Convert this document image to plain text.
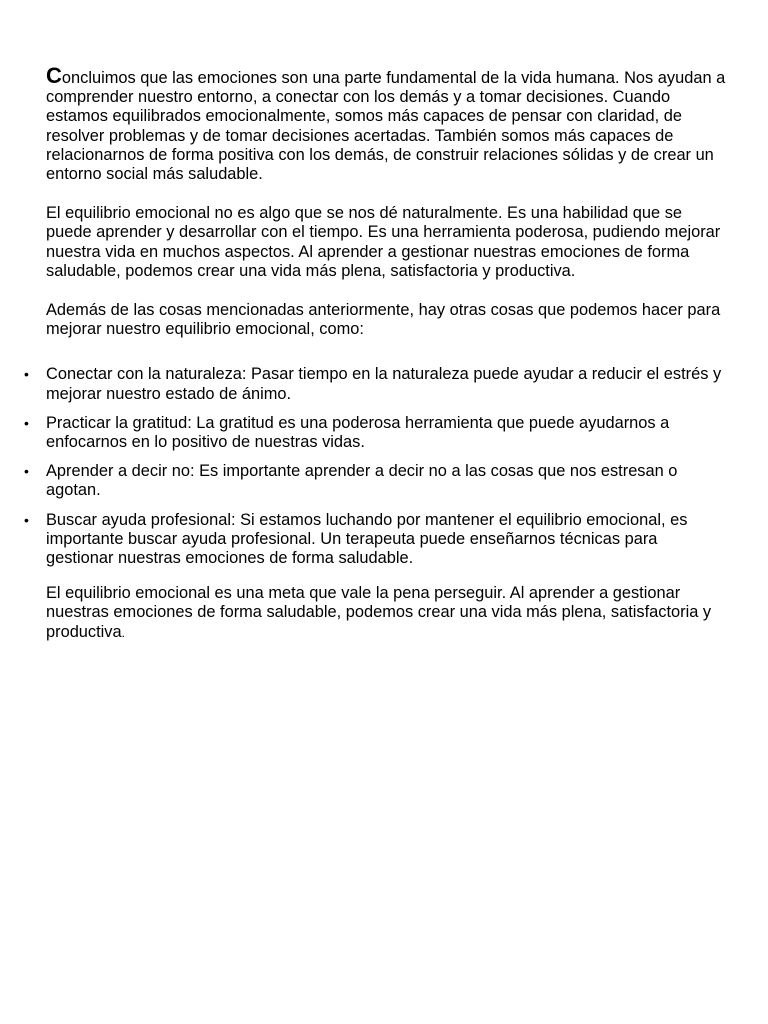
Concluimos que las emociones son una parte fundamental de la vida humana. Nos ayudan a comprender nuestro entorno, a conectar con los demás y a tomar decisiones. Cuando estamos equilibrados emocionalmente, somos más capaces de pensar con claridad, de resolver problemas y de tomar decisiones acertadas. También somos más capaces de relacionarnos de forma positiva con los demás, de construir relaciones sólidas y de crear un entorno social más saludable.

El equilibrio emocional no es algo que se nos dé naturalmente. Es una habilidad que se puede aprender y desarrollar con el tiempo. Es una herramienta poderosa, pudiendo mejorar nuestra vida en muchos aspectos. Al aprender a gestionar nuestras emociones de forma saludable, podemos crear una vida más plena, satisfactoria y productiva.

Además de las cosas mencionadas anteriormente, hay otras cosas que podemos hacer para mejorar nuestro equilibrio emocional, como:

• Conectar con la naturaleza: Pasar tiempo en la naturaleza puede ayudar a reducir el estrés y mejorar nuestro estado de ánimo.
• Practicar la gratitud: La gratitud es una poderosa herramienta que puede ayudarnos a enfocarnos en lo positivo de nuestras vidas.
• Aprender a decir no: Es importante aprender a decir no a las cosas que nos estresan o agotan.
• Buscar ayuda profesional: Si estamos luchando por mantener el equilibrio emocional, es importante buscar ayuda profesional. Un terapeuta puede enseñarnos técnicas para gestionar nuestras emociones de forma saludable.

El equilibrio emocional es una meta que vale la pena perseguir. Al aprender a gestionar nuestras emociones de forma saludable, podemos crear una vida más plena, satisfactoria y productiva.
